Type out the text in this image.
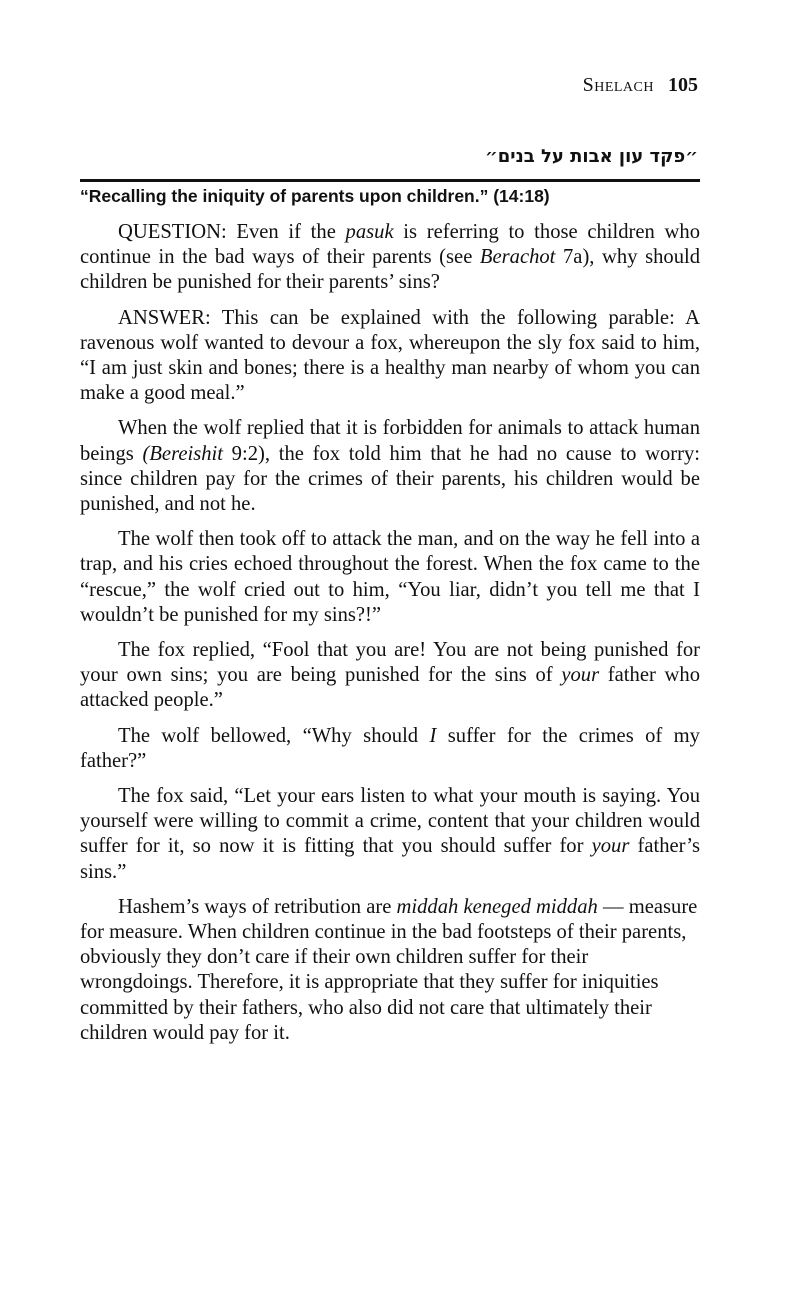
Shelach 105
״פקד עון אבות על בנים״
“Recalling the iniquity of parents upon children.” (14:18)

QUESTION: Even if the pasuk is referring to those children who continue in the bad ways of their parents (see Berachot 7a), why should children be punished for their parents’ sins?

ANSWER: This can be explained with the following parable: A ravenous wolf wanted to devour a fox, whereupon the sly fox said to him, “I am just skin and bones; there is a healthy man nearby of whom you can make a good meal.”

When the wolf replied that it is forbidden for animals to attack human beings (Bereishit 9:2), the fox told him that he had no cause to worry: since children pay for the crimes of their parents, his children would be punished, and not he.

The wolf then took off to attack the man, and on the way he fell into a trap, and his cries echoed throughout the forest. When the fox came to the “rescue,” the wolf cried out to him, “You liar, didn’t you tell me that I wouldn’t be punished for my sins?!”

The fox replied, “Fool that you are! You are not being punished for your own sins; you are being punished for the sins of your father who attacked people.”

The wolf bellowed, “Why should I suffer for the crimes of my father?”

The fox said, “Let your ears listen to what your mouth is saying. You yourself were willing to commit a crime, content that your children would suffer for it, so now it is fitting that you should suffer for your father’s sins.”

Hashem’s ways of retribution are middah keneged middah — measure for measure. When children continue in the bad footsteps of their parents, obviously they don’t care if their own children suffer for their wrongdoings. Therefore, it is appropriate that they suffer for iniquities committed by their fathers, who also did not care that ultimately their children would pay for it.
